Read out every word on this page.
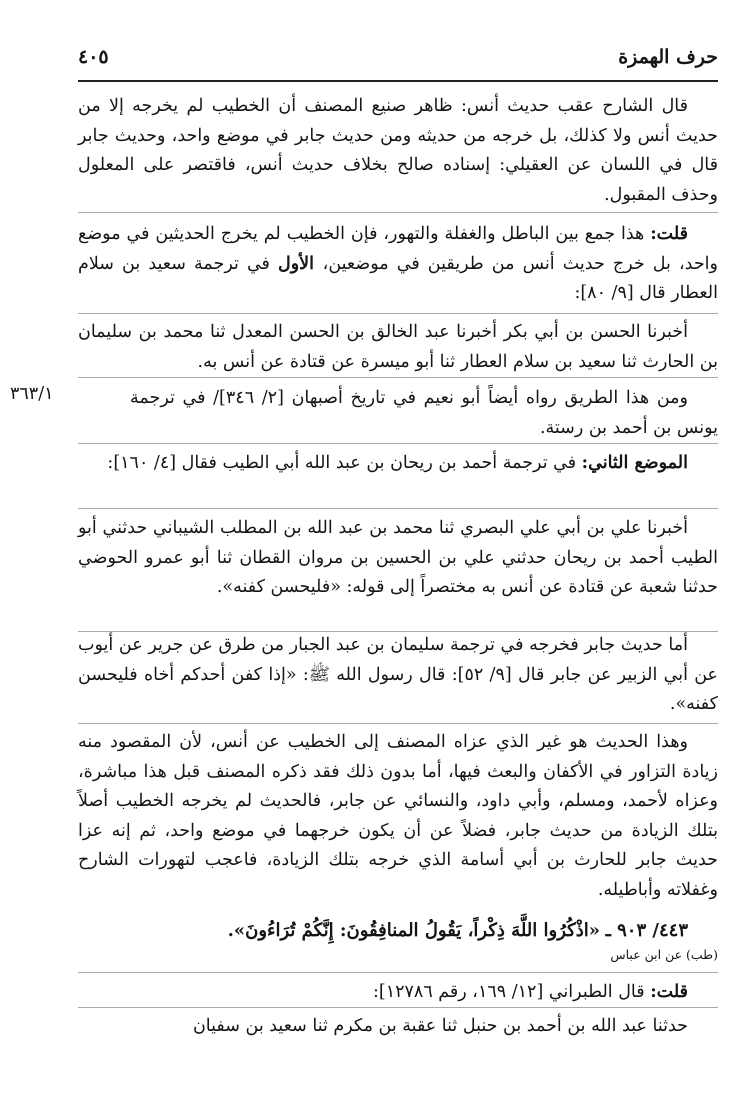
حرف الهمزة
٤٠٥

قال الشارح عقب حديث أنس: ظاهر صنيع المصنف أن الخطيب لم يخرجه إلا من حديث أنس ولا كذلك، بل خرجه من حديثه ومن حديث جابر في موضع واحد، وحديث جابر قال في اللسان عن العقيلي: إسناده صالح بخلاف حديث أنس، فاقتصر على المعلول وحذف المقبول.

قلت: هذا جمع بين الباطل والغفلة والتهور، فإن الخطيب لم يخرج الحديثين في موضع واحد، بل خرج حديث أنس من طريقين في موضعين، الأول في ترجمة سعيد بن سلام العطار قال [٩/ ٨٠]:

أخبرنا الحسن بن أبي بكر أخبرنا عبد الخالق بن الحسن المعدل ثنا محمد بن سليمان بن الحارث ثنا سعيد بن سلام العطار ثنا أبو ميسرة عن قتادة عن أنس به.

ومن هذا الطريق رواه أيضاً أبو نعيم في تاريخ أصبهان [٢/ ٣٤٦]/ في ترجمة يونس بن أحمد بن رستة.

٣٦٣/١

الموضع الثاني: في ترجمة أحمد بن ريحان بن عبد الله أبي الطيب فقال [٤/ ١٦٠]:

أخبرنا علي بن أبي علي البصري ثنا محمد بن عبد الله بن المطلب الشيباني حدثني أبو الطيب أحمد بن ريحان حدثني علي بن الحسين بن مروان القطان ثنا أبو عمرو الحوضي حدثنا شعبة عن قتادة عن أنس به مختصراً إلى قوله: «فليحسن كفنه».

أما حديث جابر فخرجه في ترجمة سليمان بن عبد الجبار من طرق عن جرير عن أيوب عن أبي الزبير عن جابر قال [٩/ ٥٢]: قال رسول الله ﷺ: «إذا كفن أحدكم أخاه فليحسن كفنه».

وهذا الحديث هو غير الذي عزاه المصنف إلى الخطيب عن أنس، لأن المقصود منه زيادة التزاور في الأكفان والبعث فيها، أما بدون ذلك فقد ذكره المصنف قبل هذا مباشرة، وعزاه لأحمد، ومسلم، وأبي داود، والنسائي عن جابر، فالحديث لم يخرجه الخطيب أصلاً بتلك الزيادة من حديث جابر، فضلاً عن أن يكون خرجهما في موضع واحد، ثم إنه عزا حديث جابر للحارث بن أبي أسامة الذي خرجه بتلك الزيادة، فاعجب لتهورات الشارح وغفلاته وأباطيله.

٤٤٣/ ٩٠٣ ـ «اذْكُرُوا اللَّهَ ذِكْراً، يَقُولُ المنافِقُونَ: إِنَّكُمْ تُرَاءُونَ».
(طب) عن ابن عباس

قلت: قال الطبراني [١٢/ ١٦٩، رقم ١٢٧٨٦]:

حدثنا عبد الله بن أحمد بن حنبل ثنا عقبة بن مكرم ثنا سعيد بن سفيان
